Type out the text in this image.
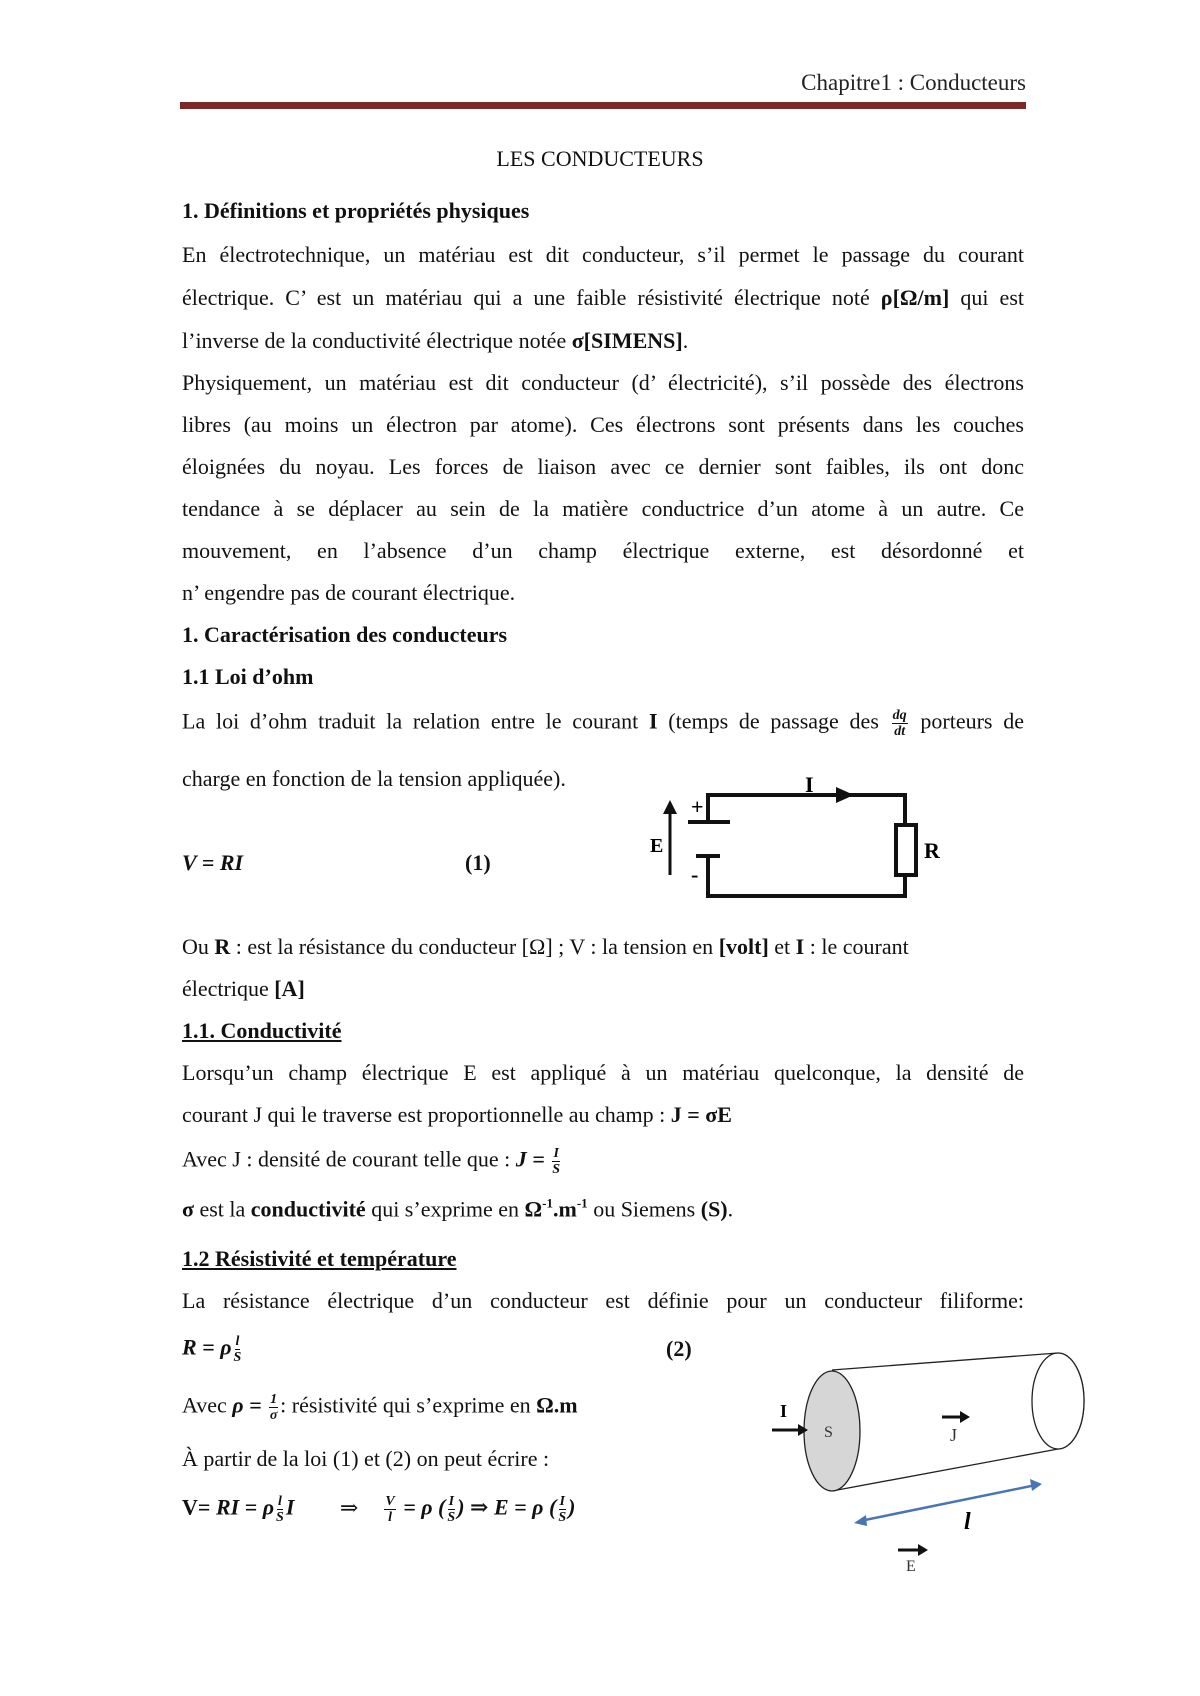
Chapitre1 : Conducteurs
LES CONDUCTEURS
1. Définitions et propriétés physiques
En électrotechnique, un matériau est dit conducteur, s’il permet le passage du courant
électrique. C’ est un matériau qui a une faible résistivité électrique noté ρ[Ω/m] qui est
l’inverse de la conductivité électrique notée σ[SIMENS].
Physiquement, un matériau est dit conducteur (d’ électricité), s’il possède des électrons
libres (au moins un électron par atome). Ces électrons sont présents dans les couches
éloignées du noyau. Les forces de liaison avec ce dernier sont faibles, ils ont donc
tendance à se déplacer au sein de la matière conductrice d’un atome à un autre. Ce
mouvement, en l’absence d’un champ électrique externe, est désordonné et
n’ engendre pas de courant électrique.
1. Caractérisation des conducteurs
1.1 Loi d’ohm
La loi d’ohm traduit la relation entre le courant I (temps de passage des $\frac{dq}{dt}$ porteurs de
charge en fonction de la tension appliquée).
V = RI	(1)
I
E
+
-
R
Ou R : est la résistance du conducteur [Ω] ; V : la tension en [volt] et I : le courant
électrique [A]
1.1. Conductivité
Lorsqu’un champ électrique E est appliqué à un matériau quelconque, la densité de
courant J qui le traverse est proportionnelle au champ : J = σE
Avec J : densité de courant telle que : $J = \frac{I}{S}$
σ est la conductivité qui s’exprime en $\Omega^{-1}.m^{-1}$ ou Siemens (S).
1.2 Résistivité et température
La résistance électrique d’un conducteur est définie pour un conducteur filiforme:
R = ρ $\frac{l}{S}$	(2)
Avec $\rho = \frac{1}{\sigma}$ : résistivité qui s’exprime en Ω.m
À partir de la loi (1) et (2) on peut écrire :
V= RI = ρ $\frac{l}{S}$ I ⇒ $\frac{V}{l} = \rho$ ( $\frac{I}{S}$ ) ⇒ E = ρ ( $\frac{I}{S}$ )
S
I
J
l
E
